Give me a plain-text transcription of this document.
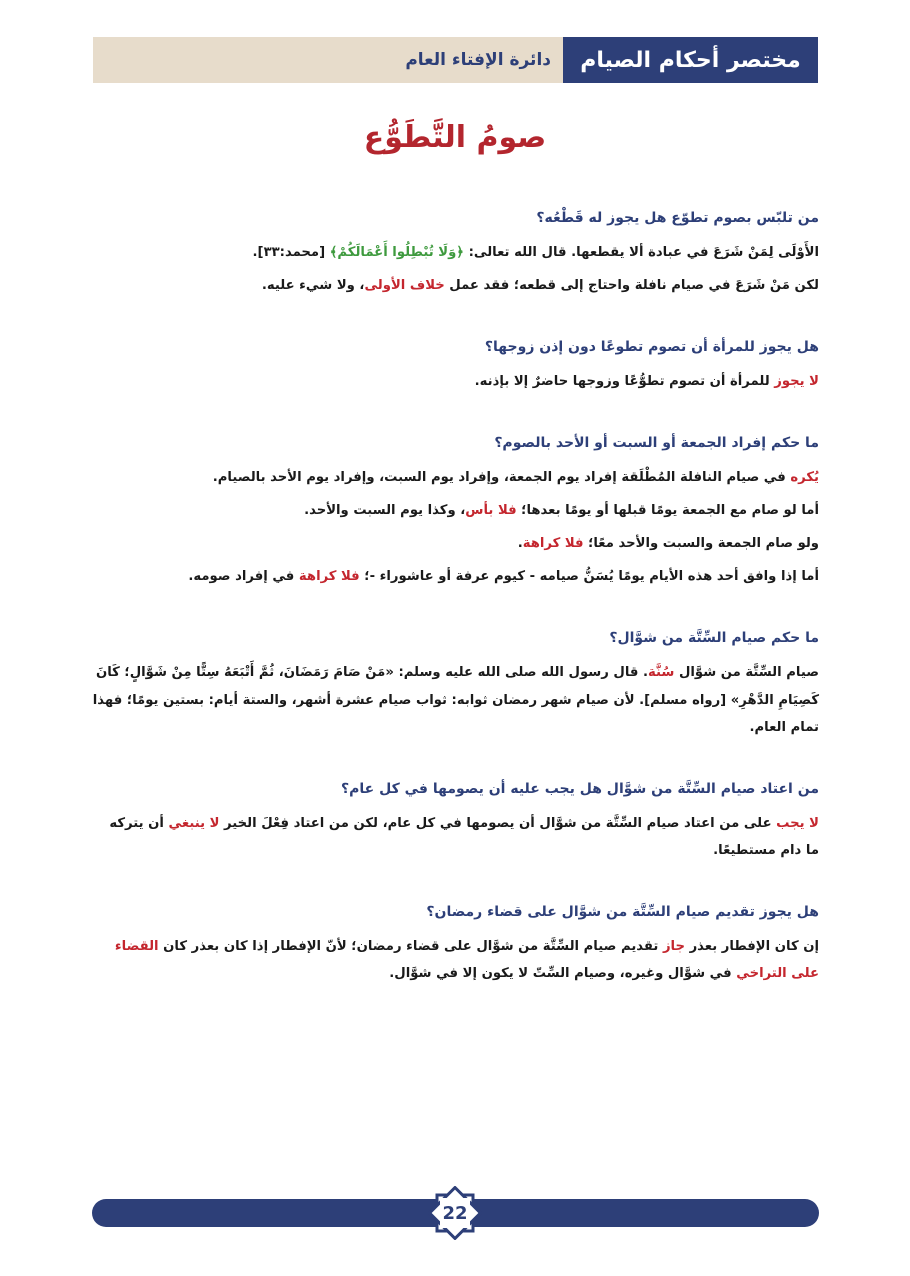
مختصر أحكام الصيام
دائرة الإفتاء العام
صومُ التَّطَوُّع
من تلبّس بصوم تطوّع هل يجوز له قَطْعُه؟
الأَوْلَى لِمَنْ شَرَعَ في عبادة ألا يقطعها. قال الله تعالى: ﴿وَلَا تُبْطِلُوا أَعْمَالَكُمْ﴾ [محمد:٣٣].
لكن مَنْ شَرَعَ في صيام نافلة واحتاج إلى قطعه؛ فقد عمل خلاف الأولى، ولا شيء عليه.
هل يجوز للمرأة أن تصوم تطوعًا دون إذن زوجها؟
لا يجوز للمرأة أن تصوم تطوُّعًا وزوجها حاضرٌ إلا بإذنه.
ما حكم إفراد الجمعة أو السبت أو الأحد بالصوم؟
يُكره في صيام النافلة المُطْلَقة إفراد يوم الجمعة، وإفراد يوم السبت، وإفراد يوم الأحد بالصيام.
أما لو صام مع الجمعة يومًا قبلها أو يومًا بعدها؛ فلا بأس، وكذا يوم السبت والأحد.
ولو صام الجمعة والسبت والأحد معًا؛ فلا كراهة.
أما إذا وافق أحد هذه الأيام يومًا يُسَنُّ صيامه - كيوم عرفة أو عاشوراء -؛ فلا كراهة في إفراد صومه.
ما حكم صيام السِّتَّة من شوَّال؟
صيام السِّتَّة من شوَّال سُنَّة. قال رسول الله صلى الله عليه وسلم: «مَنْ صَامَ رَمَضَانَ، ثُمَّ أَتْبَعَهُ سِتًّا مِنْ شَوَّالٍ؛ كَانَ كَصِيَامِ الدَّهْرِ» [رواه مسلم]. لأن صيام شهر رمضان ثوابه: ثواب صيام عشرة أشهر، والستة أيام: بستين يومًا؛ فهذا تمام العام.
من اعتاد صيام السِّتَّة من شوَّال هل يجب عليه أن يصومها في كل عام؟
لا يجب على من اعتاد صيام السِّتَّة من شوَّال أن يصومها في كل عام، لكن من اعتاد فِعْلَ الخير لا ينبغي أن يتركه ما دام مستطيعًا.
هل يجوز تقديم صيام السِّتَّة من شوَّال على قضاء رمضان؟
إن كان الإفطار بعذر جاز تقديم صيام السِّتَّة من شوَّال على قضاء رمضان؛ لأنّ الإفطار إذا كان بعذر كان القضاء على التراخي في شوَّال وغيره، وصيام السِّتّ لا يكون إلا في شوَّال.
22
